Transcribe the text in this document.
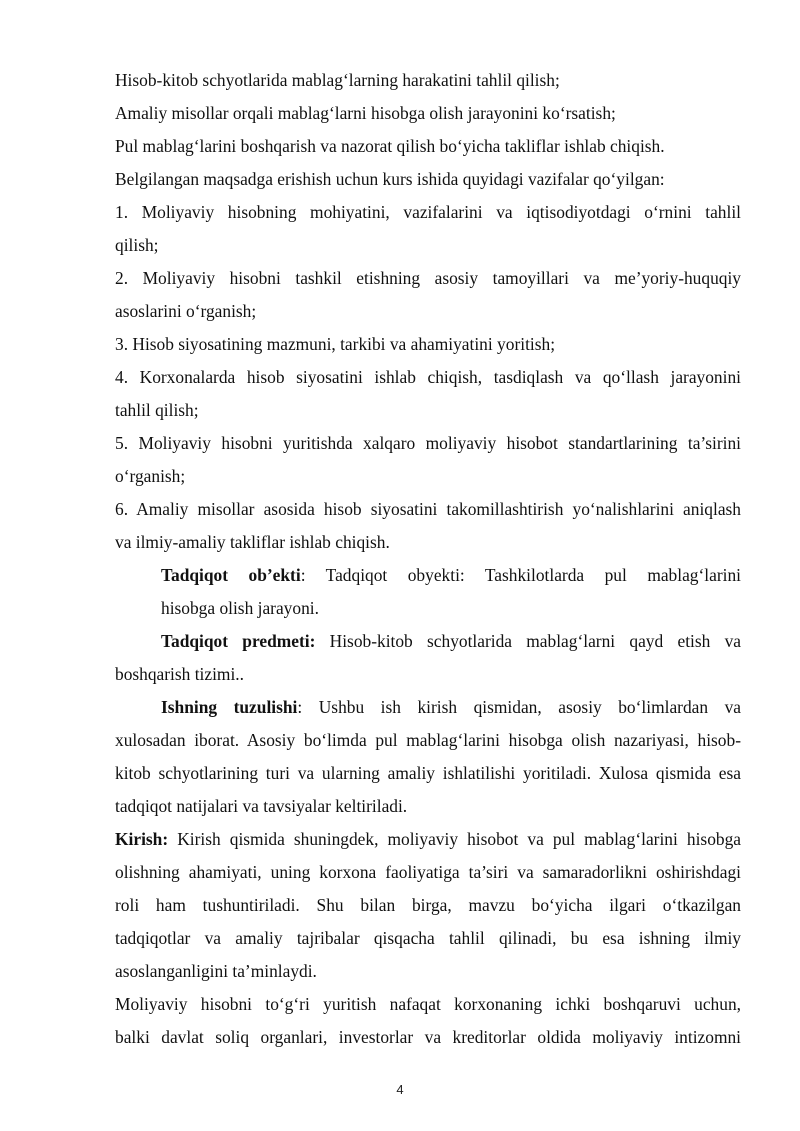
Hisob-kitob schyotlarida mablag‘larning harakatini tahlil qilish;
Amaliy misollar orqali mablag‘larni hisobga olish jarayonini ko‘rsatish;
Pul mablag‘larini boshqarish va nazorat qilish bo‘yicha takliflar ishlab chiqish.
Belgilangan maqsadga erishish uchun kurs ishida quyidagi vazifalar qo‘yilgan:
1. Moliyaviy hisobning mohiyatini, vazifalarini va iqtisodiyotdagi o‘rnini tahlil
qilish;
2. Moliyaviy hisobni tashkil etishning asosiy tamoyillari va me’yoriy-huquqiy
asoslarini o‘rganish;
3. Hisob siyosatining mazmuni, tarkibi va ahamiyatini yoritish;
4. Korxonalarda hisob siyosatini ishlab chiqish, tasdiqlash va qo‘llash jarayonini
tahlil qilish;
5. Moliyaviy hisobni yuritishda xalqaro moliyaviy hisobot standartlarining ta’sirini
o‘rganish;
6. Amaliy misollar asosida hisob siyosatini takomillashtirish yo‘nalishlarini aniqlash
va ilmiy-amaliy takliflar ishlab chiqish.
Tadqiqot ob’ekti: Tadqiqot obyekti: Tashkilotlarda pul mablag‘larini
hisobga olish jarayoni.
Tadqiqot predmeti: Hisob-kitob schyotlarida mablag‘larni qayd etish va
boshqarish tizimi..
Ishning tuzulishi: Ushbu ish kirish qismidan, asosiy bo‘limlardan va
xulosadan iborat. Asosiy bo‘limda pul mablag‘larini hisobga olish nazariyasi, hisob-
kitob schyotlarining turi va ularning amaliy ishlatilishi yoritiladi. Xulosa qismida esa
tadqiqot natijalari va tavsiyalar keltiriladi.
Kirish: Kirish qismida shuningdek, moliyaviy hisobot va pul mablag‘larini hisobga
olishning ahamiyati, uning korxona faoliyatiga ta’siri va samaradorlikni oshirishdagi
roli ham tushuntiriladi. Shu bilan birga, mavzu bo‘yicha ilgari o‘tkazilgan
tadqiqotlar va amaliy tajribalar qisqacha tahlil qilinadi, bu esa ishning ilmiy
asoslanganligini ta’minlaydi.
Moliyaviy hisobni to‘g‘ri yuritish nafaqat korxonaning ichki boshqaruvi uchun,
balki davlat soliq organlari, investorlar va kreditorlar oldida moliyaviy intizomni
4
